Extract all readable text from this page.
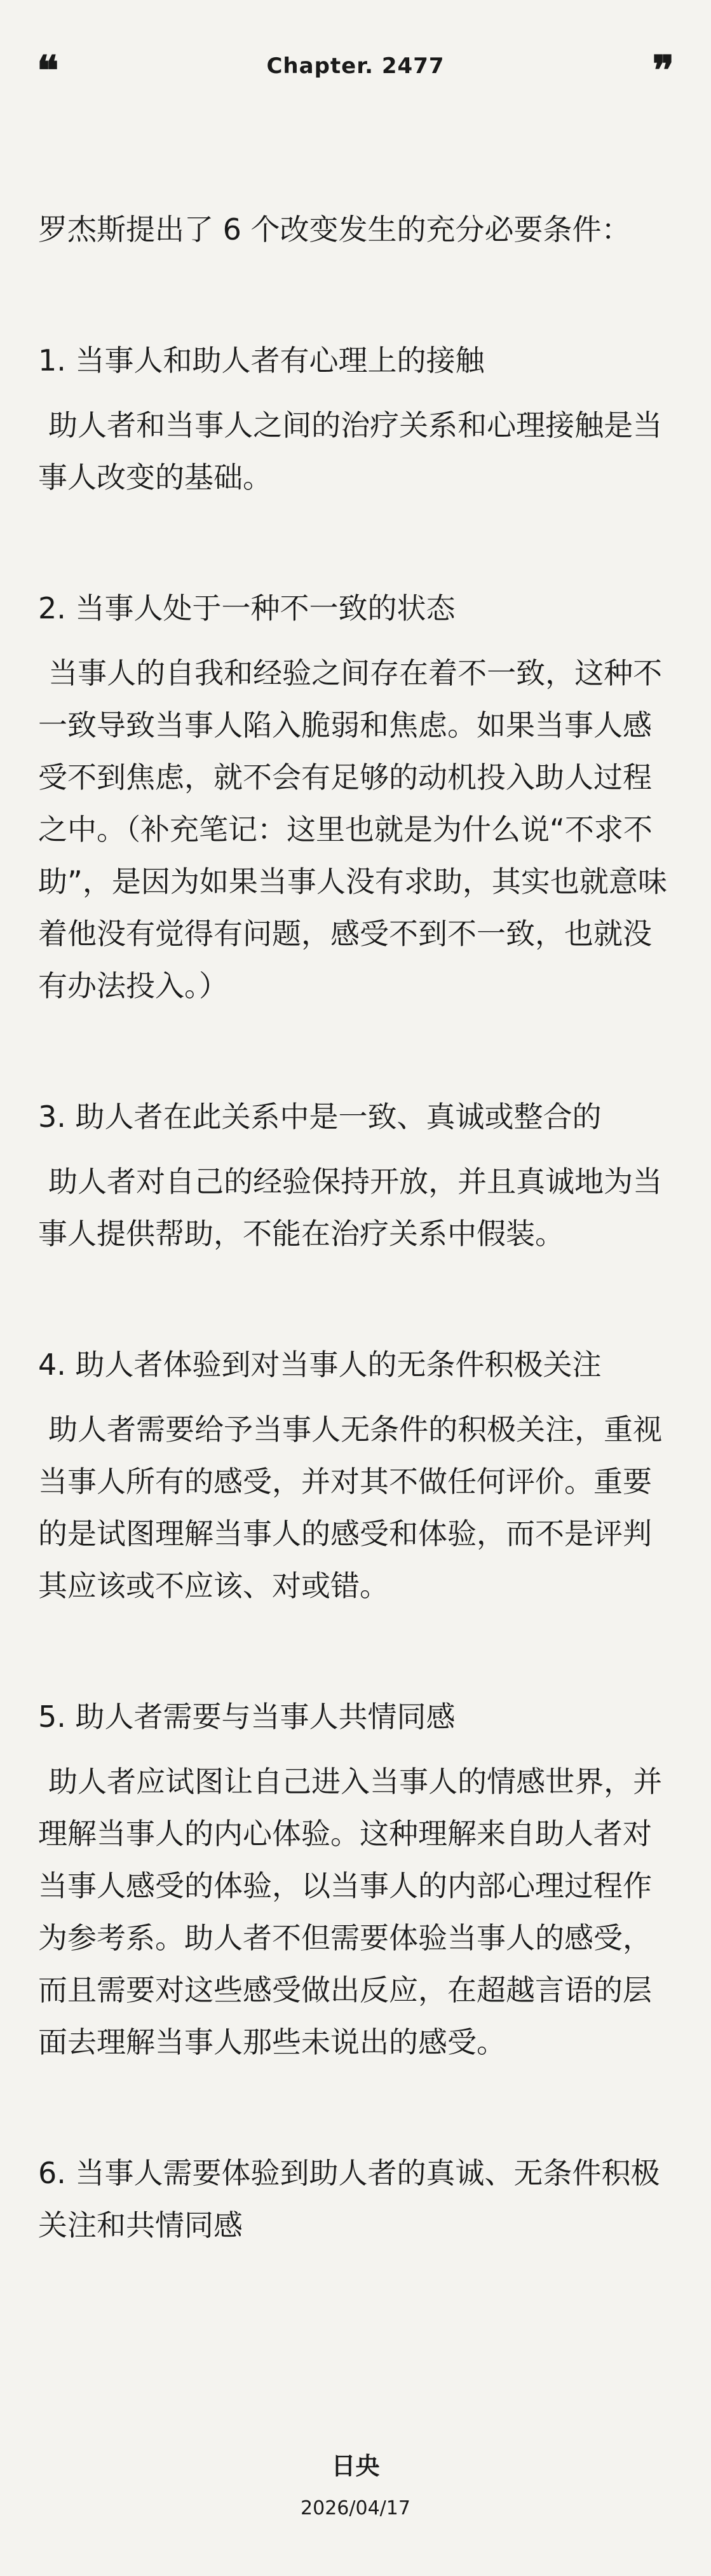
❝	Chapter. 2477	❞

罗杰斯提出了 6 个改变发生的充分必要条件：

1. 当事人和助人者有心理上的接触

助人者和当事人之间的治疗关系和心理接触是当事人改变的基础。

2. 当事人处于一种不一致的状态

当事人的自我和经验之间存在着不一致，这种不一致导致当事人陷入脆弱和焦虑。如果当事人感受不到焦虑，就不会有足够的动机投入助人过程之中。（补充笔记：这里也就是为什么说“不求不助”，是因为如果当事人没有求助，其实也就意味着他没有觉得有问题，感受不到不一致，也就没有办法投入。）

3. 助人者在此关系中是一致、真诚或整合的

助人者对自己的经验保持开放，并且真诚地为当事人提供帮助，不能在治疗关系中假装。

4. 助人者体验到对当事人的无条件积极关注

助人者需要给予当事人无条件的积极关注，重视当事人所有的感受，并对其不做任何评价。重要的是试图理解当事人的感受和体验，而不是评判其应该或不应该、对或错。

5. 助人者需要与当事人共情同感

助人者应试图让自己进入当事人的情感世界，并理解当事人的内心体验。这种理解来自助人者对当事人感受的体验，以当事人的内部心理过程作为参考系。助人者不但需要体验当事人的感受，而且需要对这些感受做出反应，在超越言语的层面去理解当事人那些未说出的感受。

6. 当事人需要体验到助人者的真诚、无条件积极关注和共情同感

日央
2026/04/17
